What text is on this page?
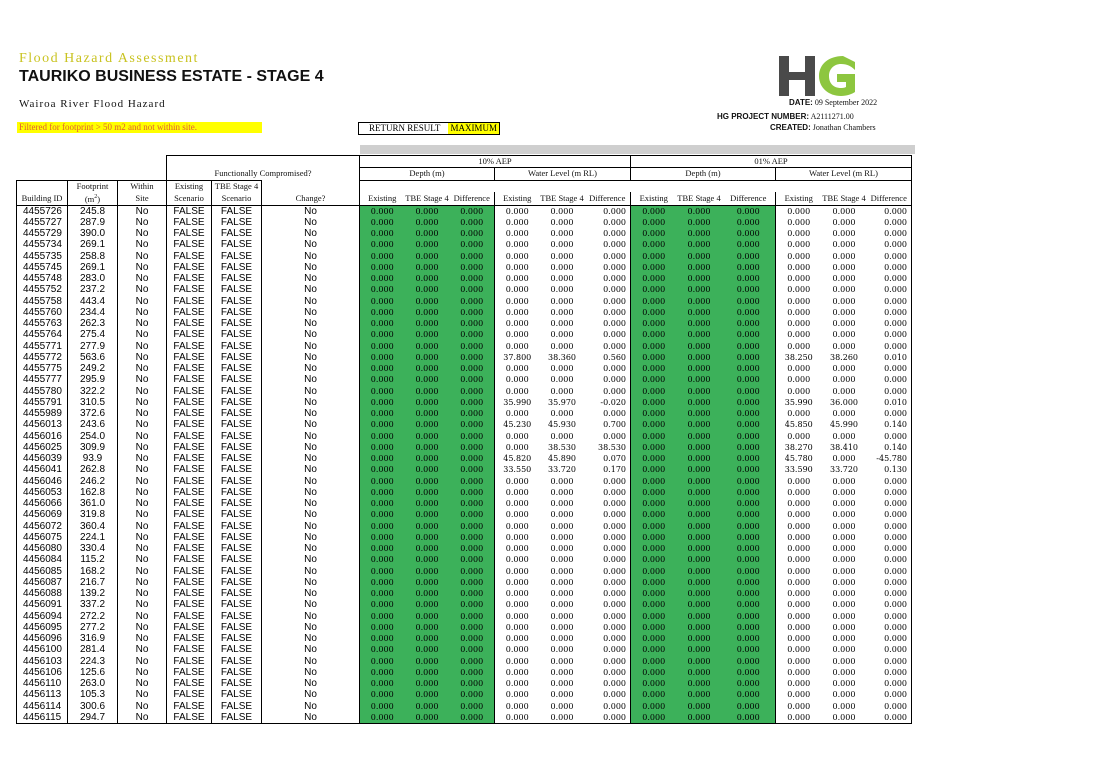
Flood Hazard Assessment
TAURIKO BUSINESS ESTATE - STAGE 4
Wairoa River Flood Hazard
Filtered for footprint > 50 m2 and not within site.	RETURN RESULT	MAXIMUM
DATE: 09 September 2022
HG PROJECT NUMBER: A2111271.00
CREATED: Jonathan Chambers
						10% AEP						01% AEP					
			Functionally Compromised?			Depth (m)			Water Level (m RL)			Depth (m)			Water Level (m RL)		
	Footprint	Within	Existing	TBE Stage 4													
Building ID	$(m^2)$	Site	Scenario	Scenario	Change?	Existing	TBE Stage 4	Difference	Existing	TBE Stage 4	Difference	Existing	TBE Stage 4	Difference	Existing	TBE Stage 4	Difference
4455726	245.8	No	FALSE	FALSE	No	0.000	0.000	0.000	0.000	0.000	0.000	0.000	0.000	0.000	0.000	0.000	0.000
4455727	287.9	No	FALSE	FALSE	No	0.000	0.000	0.000	0.000	0.000	0.000	0.000	0.000	0.000	0.000	0.000	0.000
4455729	390.0	No	FALSE	FALSE	No	0.000	0.000	0.000	0.000	0.000	0.000	0.000	0.000	0.000	0.000	0.000	0.000
4455734	269.1	No	FALSE	FALSE	No	0.000	0.000	0.000	0.000	0.000	0.000	0.000	0.000	0.000	0.000	0.000	0.000
4455735	258.8	No	FALSE	FALSE	No	0.000	0.000	0.000	0.000	0.000	0.000	0.000	0.000	0.000	0.000	0.000	0.000
4455745	269.1	No	FALSE	FALSE	No	0.000	0.000	0.000	0.000	0.000	0.000	0.000	0.000	0.000	0.000	0.000	0.000
4455748	283.0	No	FALSE	FALSE	No	0.000	0.000	0.000	0.000	0.000	0.000	0.000	0.000	0.000	0.000	0.000	0.000
4455752	237.2	No	FALSE	FALSE	No	0.000	0.000	0.000	0.000	0.000	0.000	0.000	0.000	0.000	0.000	0.000	0.000
4455758	443.4	No	FALSE	FALSE	No	0.000	0.000	0.000	0.000	0.000	0.000	0.000	0.000	0.000	0.000	0.000	0.000
4455760	234.4	No	FALSE	FALSE	No	0.000	0.000	0.000	0.000	0.000	0.000	0.000	0.000	0.000	0.000	0.000	0.000
4455763	262.3	No	FALSE	FALSE	No	0.000	0.000	0.000	0.000	0.000	0.000	0.000	0.000	0.000	0.000	0.000	0.000
4455764	275.4	No	FALSE	FALSE	No	0.000	0.000	0.000	0.000	0.000	0.000	0.000	0.000	0.000	0.000	0.000	0.000
4455771	277.9	No	FALSE	FALSE	No	0.000	0.000	0.000	0.000	0.000	0.000	0.000	0.000	0.000	0.000	0.000	0.000
4455772	563.6	No	FALSE	FALSE	No	0.000	0.000	0.000	37.800	38.360	0.560	0.000	0.000	0.000	38.250	38.260	0.010
4455775	249.2	No	FALSE	FALSE	No	0.000	0.000	0.000	0.000	0.000	0.000	0.000	0.000	0.000	0.000	0.000	0.000
4455777	295.9	No	FALSE	FALSE	No	0.000	0.000	0.000	0.000	0.000	0.000	0.000	0.000	0.000	0.000	0.000	0.000
4455780	322.2	No	FALSE	FALSE	No	0.000	0.000	0.000	0.000	0.000	0.000	0.000	0.000	0.000	0.000	0.000	0.000
4455791	310.5	No	FALSE	FALSE	No	0.000	0.000	0.000	35.990	35.970	-0.020	0.000	0.000	0.000	35.990	36.000	0.010
4455989	372.6	No	FALSE	FALSE	No	0.000	0.000	0.000	0.000	0.000	0.000	0.000	0.000	0.000	0.000	0.000	0.000
4456013	243.6	No	FALSE	FALSE	No	0.000	0.000	0.000	45.230	45.930	0.700	0.000	0.000	0.000	45.850	45.990	0.140
4456016	254.0	No	FALSE	FALSE	No	0.000	0.000	0.000	0.000	0.000	0.000	0.000	0.000	0.000	0.000	0.000	0.000
4456025	309.9	No	FALSE	FALSE	No	0.000	0.000	0.000	0.000	38.530	38.530	0.000	0.000	0.000	38.270	38.410	0.140
4456039	93.9	No	FALSE	FALSE	No	0.000	0.000	0.000	45.820	45.890	0.070	0.000	0.000	0.000	45.780	0.000	-45.780
4456041	262.8	No	FALSE	FALSE	No	0.000	0.000	0.000	33.550	33.720	0.170	0.000	0.000	0.000	33.590	33.720	0.130
4456046	246.2	No	FALSE	FALSE	No	0.000	0.000	0.000	0.000	0.000	0.000	0.000	0.000	0.000	0.000	0.000	0.000
4456053	162.8	No	FALSE	FALSE	No	0.000	0.000	0.000	0.000	0.000	0.000	0.000	0.000	0.000	0.000	0.000	0.000
4456066	361.0	No	FALSE	FALSE	No	0.000	0.000	0.000	0.000	0.000	0.000	0.000	0.000	0.000	0.000	0.000	0.000
4456069	319.8	No	FALSE	FALSE	No	0.000	0.000	0.000	0.000	0.000	0.000	0.000	0.000	0.000	0.000	0.000	0.000
4456072	360.4	No	FALSE	FALSE	No	0.000	0.000	0.000	0.000	0.000	0.000	0.000	0.000	0.000	0.000	0.000	0.000
4456075	224.1	No	FALSE	FALSE	No	0.000	0.000	0.000	0.000	0.000	0.000	0.000	0.000	0.000	0.000	0.000	0.000
4456080	330.4	No	FALSE	FALSE	No	0.000	0.000	0.000	0.000	0.000	0.000	0.000	0.000	0.000	0.000	0.000	0.000
4456084	115.2	No	FALSE	FALSE	No	0.000	0.000	0.000	0.000	0.000	0.000	0.000	0.000	0.000	0.000	0.000	0.000
4456085	168.2	No	FALSE	FALSE	No	0.000	0.000	0.000	0.000	0.000	0.000	0.000	0.000	0.000	0.000	0.000	0.000
4456087	216.7	No	FALSE	FALSE	No	0.000	0.000	0.000	0.000	0.000	0.000	0.000	0.000	0.000	0.000	0.000	0.000
4456088	139.2	No	FALSE	FALSE	No	0.000	0.000	0.000	0.000	0.000	0.000	0.000	0.000	0.000	0.000	0.000	0.000
4456091	337.2	No	FALSE	FALSE	No	0.000	0.000	0.000	0.000	0.000	0.000	0.000	0.000	0.000	0.000	0.000	0.000
4456094	272.2	No	FALSE	FALSE	No	0.000	0.000	0.000	0.000	0.000	0.000	0.000	0.000	0.000	0.000	0.000	0.000
4456095	277.2	No	FALSE	FALSE	No	0.000	0.000	0.000	0.000	0.000	0.000	0.000	0.000	0.000	0.000	0.000	0.000
4456096	316.9	No	FALSE	FALSE	No	0.000	0.000	0.000	0.000	0.000	0.000	0.000	0.000	0.000	0.000	0.000	0.000
4456100	281.4	No	FALSE	FALSE	No	0.000	0.000	0.000	0.000	0.000	0.000	0.000	0.000	0.000	0.000	0.000	0.000
4456103	224.3	No	FALSE	FALSE	No	0.000	0.000	0.000	0.000	0.000	0.000	0.000	0.000	0.000	0.000	0.000	0.000
4456106	125.6	No	FALSE	FALSE	No	0.000	0.000	0.000	0.000	0.000	0.000	0.000	0.000	0.000	0.000	0.000	0.000
4456110	263.0	No	FALSE	FALSE	No	0.000	0.000	0.000	0.000	0.000	0.000	0.000	0.000	0.000	0.000	0.000	0.000
4456113	105.3	No	FALSE	FALSE	No	0.000	0.000	0.000	0.000	0.000	0.000	0.000	0.000	0.000	0.000	0.000	0.000
4456114	300.6	No	FALSE	FALSE	No	0.000	0.000	0.000	0.000	0.000	0.000	0.000	0.000	0.000	0.000	0.000	0.000
4456115	294.7	No	FALSE	FALSE	No	0.000	0.000	0.000	0.000	0.000	0.000	0.000	0.000	0.000	0.000	0.000	0.000
